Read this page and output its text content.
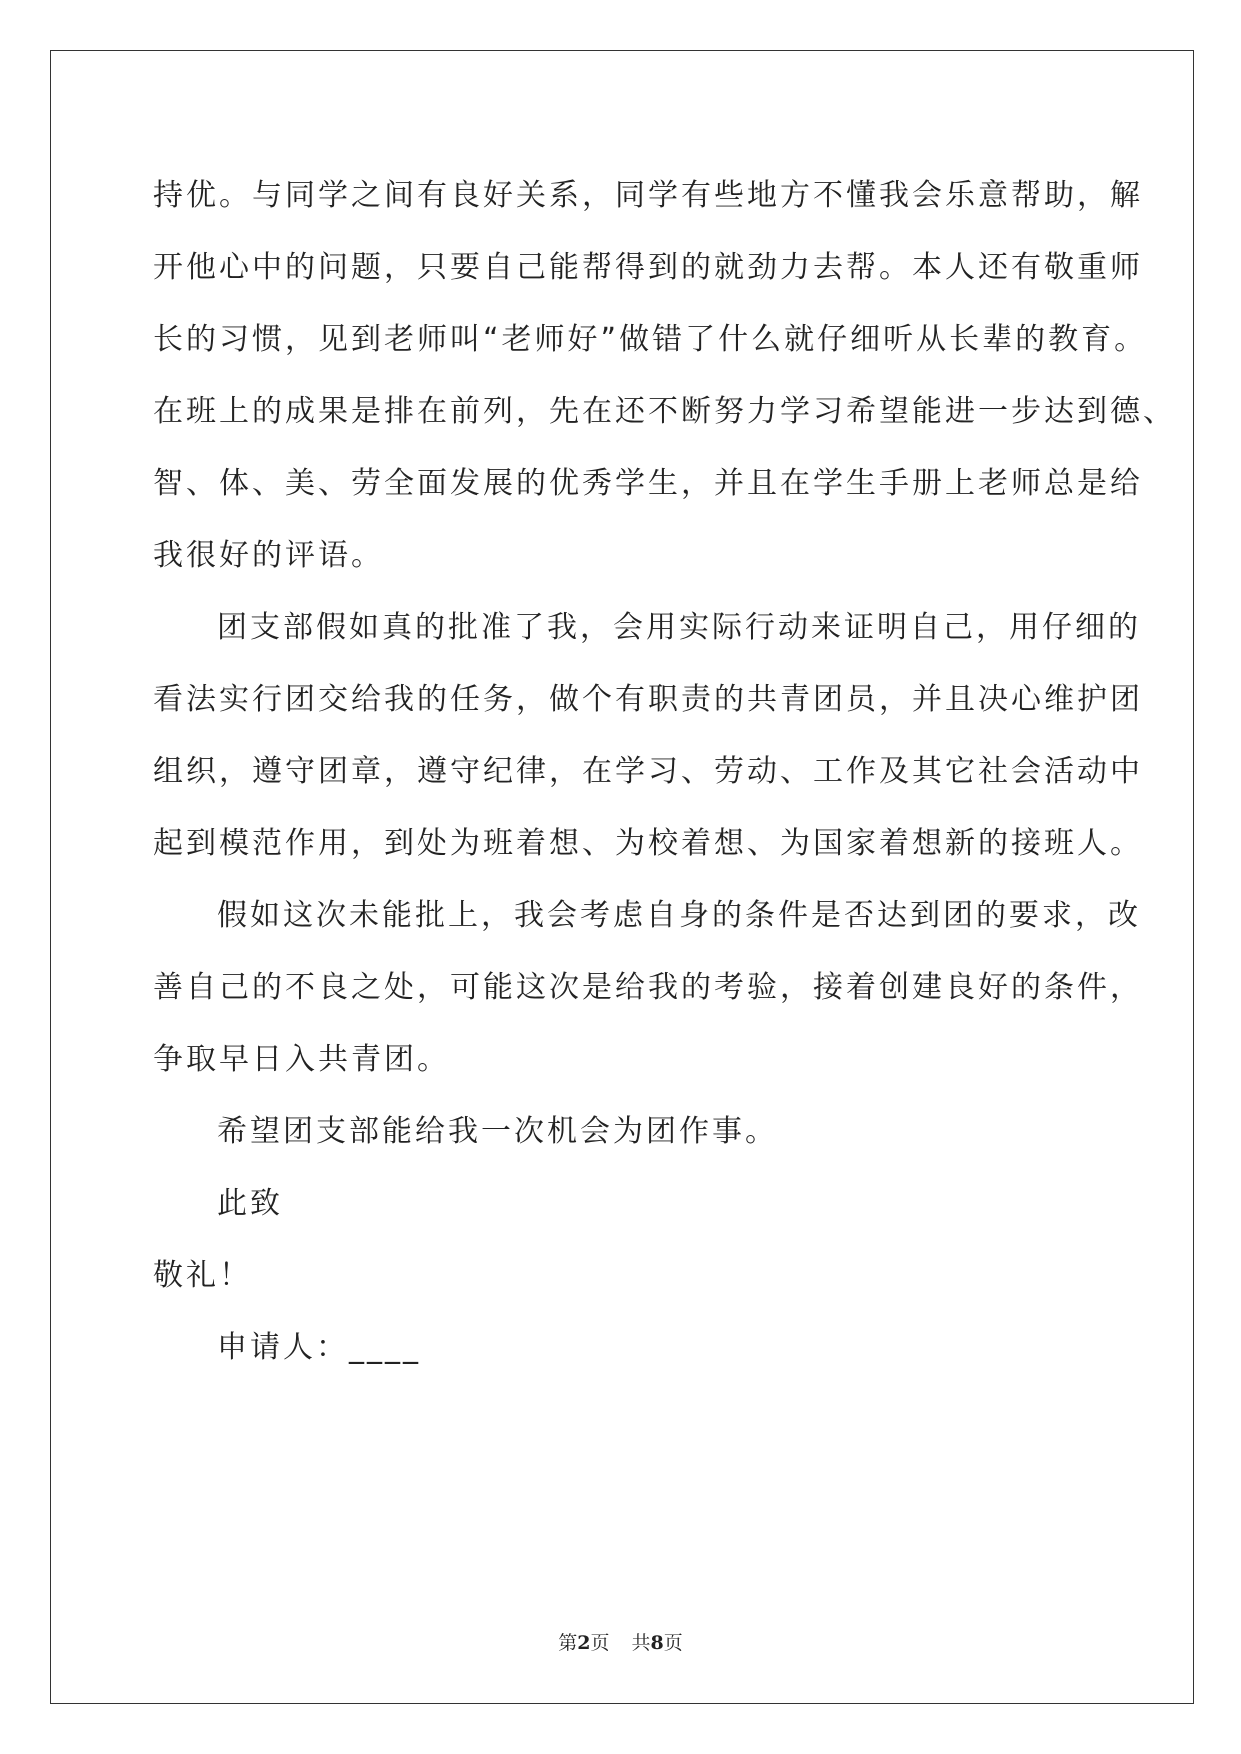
持优。与同学之间有良好关系，同学有些地方不懂我会乐意帮助，解
开他心中的问题，只要自己能帮得到的就劲力去帮。本人还有敬重师
长的习惯，见到老师叫“老师好”做错了什么就仔细听从长辈的教育。
在班上的成果是排在前列，先在还不断努力学习希望能进一步达到德、
智、体、美、劳全面发展的优秀学生，并且在学生手册上老师总是给
我很好的评语。
团支部假如真的批准了我，会用实际行动来证明自己，用仔细的
看法实行团交给我的任务，做个有职责的共青团员，并且决心维护团
组织，遵守团章，遵守纪律，在学习、劳动、工作及其它社会活动中
起到模范作用，到处为班着想、为校着想、为国家着想新的接班人。
假如这次未能批上，我会考虑自身的条件是否达到团的要求，改
善自己的不良之处，可能这次是给我的考验，接着创建良好的条件，
争取早日入共青团。
希望团支部能给我一次机会为团作事。
此致
敬礼！
申请人：____
第2页 共8页
